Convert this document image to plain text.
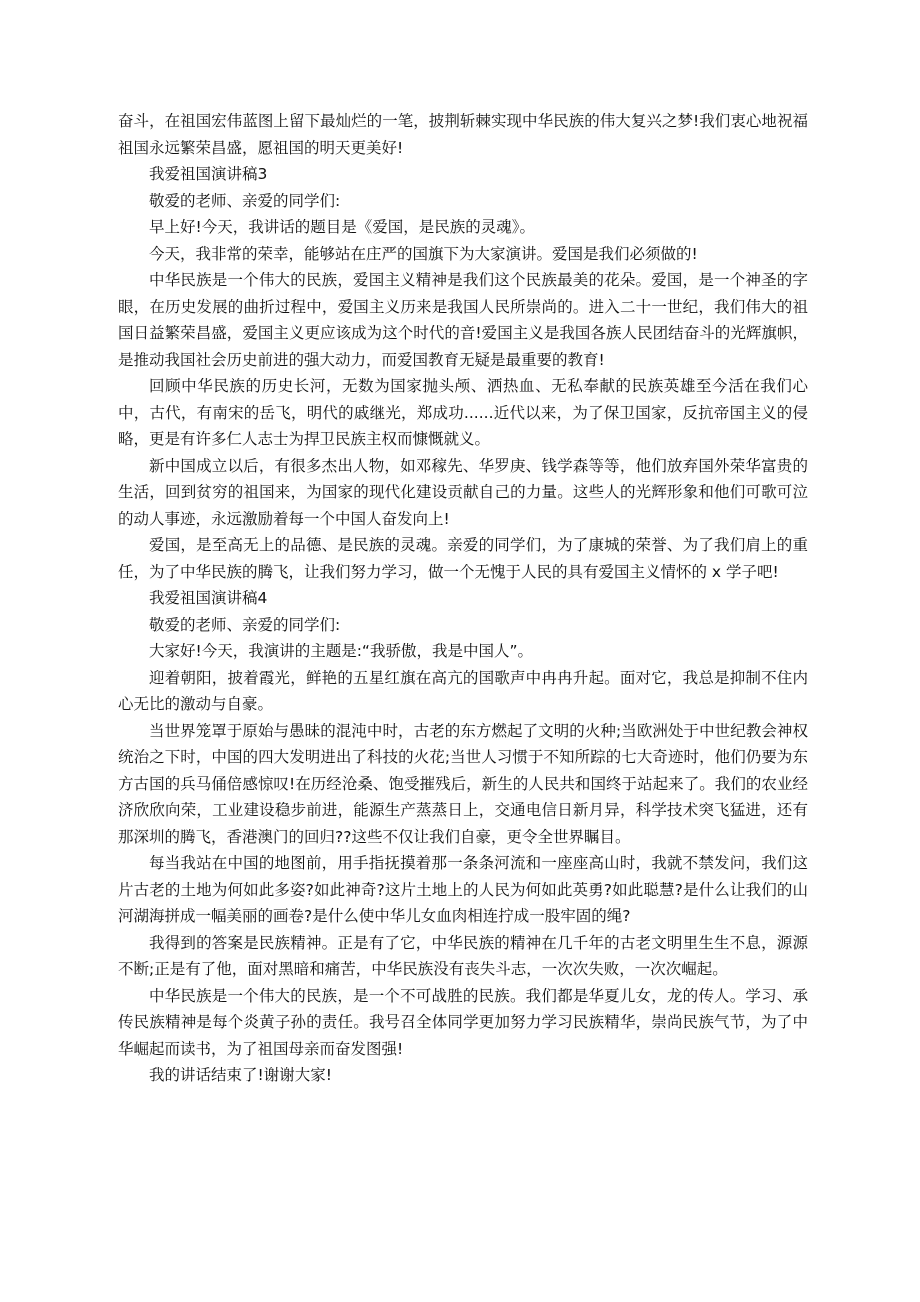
奋斗，在祖国宏伟蓝图上留下最灿烂的一笔，披荆斩棘实现中华民族的伟大复兴之梦!我们衷心地祝福祖国永远繁荣昌盛，愿祖国的明天更美好!

我爱祖国演讲稿3

敬爱的老师、亲爱的同学们:

早上好!今天，我讲话的题目是《爱国，是民族的灵魂》。

今天，我非常的荣幸，能够站在庄严的国旗下为大家演讲。爱国是我们必须做的!

中华民族是一个伟大的民族，爱国主义精神是我们这个民族最美的花朵。爱国，是一个神圣的字眼，在历史发展的曲折过程中，爱国主义历来是我国人民所崇尚的。进入二十一世纪，我们伟大的祖国日益繁荣昌盛，爱国主义更应该成为这个时代的音!爱国主义是我国各族人民团结奋斗的光辉旗帜，是推动我国社会历史前进的强大动力，而爱国教育无疑是最重要的教育!

回顾中华民族的历史长河，无数为国家抛头颅、洒热血、无私奉献的民族英雄至今活在我们心中，古代，有南宋的岳飞，明代的戚继光，郑成功......近代以来，为了保卫国家，反抗帝国主义的侵略，更是有许多仁人志士为捍卫民族主权而慷慨就义。

新中国成立以后，有很多杰出人物，如邓稼先、华罗庚、钱学森等等，他们放弃国外荣华富贵的生活，回到贫穷的祖国来，为国家的现代化建设贡献自己的力量。这些人的光辉形象和他们可歌可泣的动人事迹，永远激励着每一个中国人奋发向上!

爱国，是至高无上的品德、是民族的灵魂。亲爱的同学们，为了康城的荣誉、为了我们肩上的重任，为了中华民族的腾飞，让我们努力学习，做一个无愧于人民的具有爱国主义情怀的 x 学子吧!

我爱祖国演讲稿4

敬爱的老师、亲爱的同学们:

大家好!今天，我演讲的主题是:“我骄傲，我是中国人”。

迎着朝阳，披着霞光，鲜艳的五星红旗在高亢的国歌声中冉冉升起。面对它，我总是抑制不住内心无比的激动与自豪。

当世界笼罩于原始与愚昧的混沌中时，古老的东方燃起了文明的火种;当欧洲处于中世纪教会神权统治之下时，中国的四大发明进出了科技的火花;当世人习惯于不知所踪的七大奇迹时，他们仍要为东方古国的兵马俑倍感惊叹!在历经沧桑、饱受摧残后，新生的人民共和国终于站起来了。我们的农业经济欣欣向荣，工业建设稳步前进，能源生产蒸蒸日上，交通电信日新月异，科学技术突飞猛进，还有那深圳的腾飞，香港澳门的回归??这些不仅让我们自豪，更令全世界瞩目。

每当我站在中国的地图前，用手指抚摸着那一条条河流和一座座高山时，我就不禁发问，我们这片古老的土地为何如此多姿?如此神奇?这片土地上的人民为何如此英勇?如此聪慧?是什么让我们的山河湖海拼成一幅美丽的画卷?是什么使中华儿女血肉相连拧成一股牢固的绳?

我得到的答案是民族精神。正是有了它，中华民族的精神在几千年的古老文明里生生不息，源源不断;正是有了他，面对黑暗和痛苦，中华民族没有丧失斗志，一次次失败，一次次崛起。

中华民族是一个伟大的民族，是一个不可战胜的民族。我们都是华夏儿女，龙的传人。学习、承传民族精神是每个炎黄子孙的责任。我号召全体同学更加努力学习民族精华，崇尚民族气节，为了中华崛起而读书，为了祖国母亲而奋发图强!

我的讲话结束了!谢谢大家!
